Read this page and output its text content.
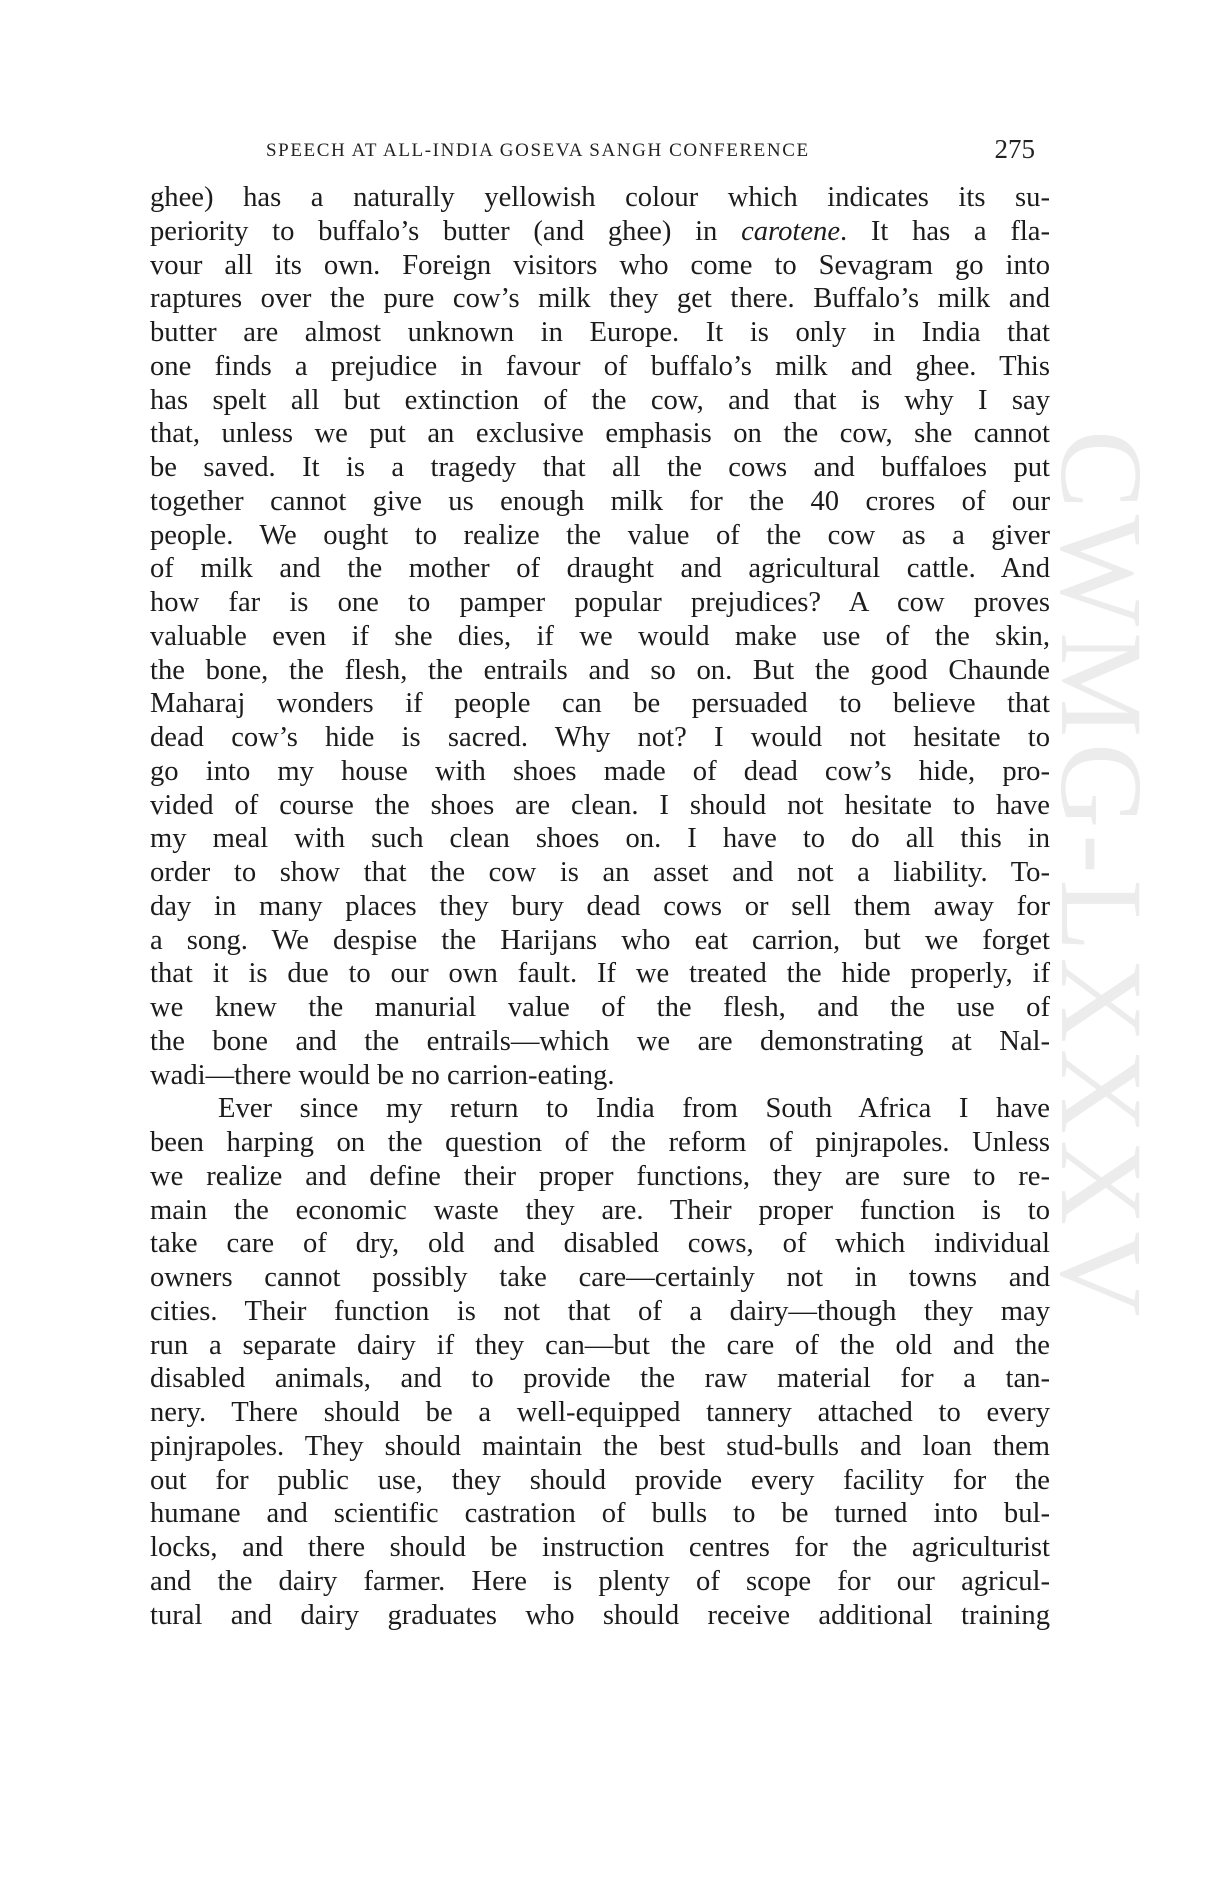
CWMG-LXXXV
SPEECH AT ALL-INDIA GOSEVA SANGH CONFERENCE	275
ghee) has a naturally yellowish colour which indicates its su-
periority to buffalo’s butter (and ghee) in carotene. It has a fla-
vour all its own. Foreign visitors who come to Sevagram go into
raptures over the pure cow’s milk they get there. Buffalo’s milk and
butter are almost unknown in Europe. It is only in India that
one finds a prejudice in favour of buffalo’s milk and ghee. This
has spelt all but extinction of the cow, and that is why I say
that, unless we put an exclusive emphasis on the cow, she cannot
be saved. It is a tragedy that all the cows and buffaloes put
together cannot give us enough milk for the 40 crores of our
people. We ought to realize the value of the cow as a giver
of milk and the mother of draught and agricultural cattle. And
how far is one to pamper popular prejudices? A cow proves
valuable even if she dies, if we would make use of the skin,
the bone, the flesh, the entrails and so on. But the good Chaunde
Maharaj wonders if people can be persuaded to believe that
dead cow’s hide is sacred. Why not? I would not hesitate to
go into my house with shoes made of dead cow’s hide, pro-
vided of course the shoes are clean. I should not hesitate to have
my meal with such clean shoes on. I have to do all this in
order to show that the cow is an asset and not a liability. To-
day in many places they bury dead cows or sell them away for
a song. We despise the Harijans who eat carrion, but we forget
that it is due to our own fault. If we treated the hide properly, if
we knew the manurial value of the flesh, and the use of
the bone and the entrails—which we are demonstrating at Nal-
wadi—there would be no carrion-eating.
Ever since my return to India from South Africa I have
been harping on the question of the reform of pinjrapoles. Unless
we realize and define their proper functions, they are sure to re-
main the economic waste they are. Their proper function is to
take care of dry, old and disabled cows, of which individual
owners cannot possibly take care—certainly not in towns and
cities. Their function is not that of a dairy—though they may
run a separate dairy if they can—but the care of the old and the
disabled animals, and to provide the raw material for a tan-
nery. There should be a well-equipped tannery attached to every
pinjrapoles. They should maintain the best stud-bulls and loan them
out for public use, they should provide every facility for the
humane and scientific castration of bulls to be turned into bul-
locks, and there should be instruction centres for the agriculturist
and the dairy farmer. Here is plenty of scope for our agricul-
tural and dairy graduates who should receive additional training
